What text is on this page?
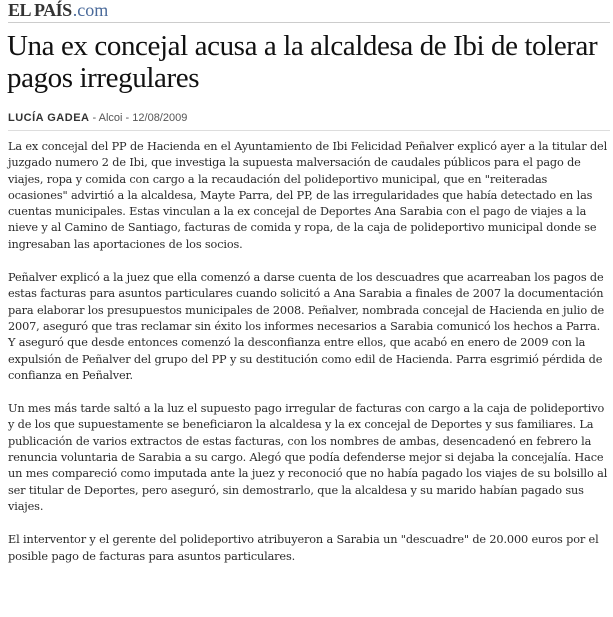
EL PAÍS .com
Una ex concejal acusa a la alcaldesa de Ibi de tolerar pagos irregulares
LUCÍA GADEA - Alcoi - 12/08/2009

La ex concejal del PP de Hacienda en el Ayuntamiento de Ibi Felicidad Peñalver explicó ayer a la titular del juzgado numero 2 de Ibi, que investiga la supuesta malversación de caudales públicos para el pago de viajes, ropa y comida con cargo a la recaudación del polideportivo municipal, que en "reiteradas ocasiones" advirtió a la alcaldesa, Mayte Parra, del PP, de las irregularidades que había detectado en las cuentas municipales. Estas vinculan a la ex concejal de Deportes Ana Sarabia con el pago de viajes a la nieve y al Camino de Santiago, facturas de comida y ropa, de la caja de polideportivo municipal donde se ingresaban las aportaciones de los socios.

Peñalver explicó a la juez que ella comenzó a darse cuenta de los descuadres que acarreaban los pagos de estas facturas para asuntos particulares cuando solicitó a Ana Sarabia a finales de 2007 la documentación para elaborar los presupuestos municipales de 2008. Peñalver, nombrada concejal de Hacienda en julio de 2007, aseguró que tras reclamar sin éxito los informes necesarios a Sarabia comunicó los hechos a Parra. Y aseguró que desde entonces comenzó la desconfianza entre ellos, que acabó en enero de 2009 con la expulsión de Peñalver del grupo del PP y su destitución como edil de Hacienda. Parra esgrimió pérdida de confianza en Peñalver.

Un mes más tarde saltó a la luz el supuesto pago irregular de facturas con cargo a la caja de polideportivo y de los que supuestamente se beneficiaron la alcaldesa y la ex concejal de Deportes y sus familiares. La publicación de varios extractos de estas facturas, con los nombres de ambas, desencadenó en febrero la renuncia voluntaria de Sarabia a su cargo. Alegó que podía defenderse mejor si dejaba la concejalía. Hace un mes compareció como imputada ante la juez y reconoció que no había pagado los viajes de su bolsillo al ser titular de Deportes, pero aseguró, sin demostrarlo, que la alcaldesa y su marido habían pagado sus viajes.

El interventor y el gerente del polideportivo atribuyeron a Sarabia un "descuadre" de 20.000 euros por el posible pago de facturas para asuntos particulares.
